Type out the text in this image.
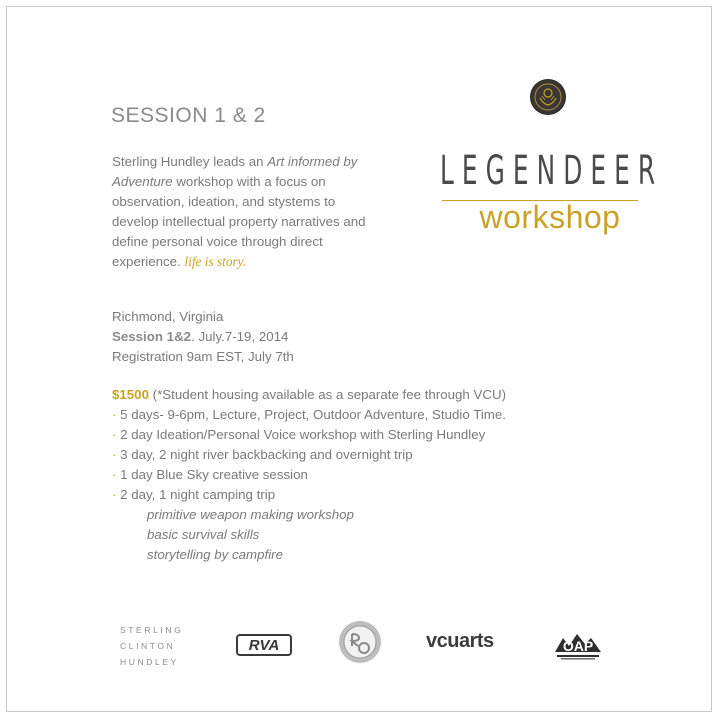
SESSION 1 & 2
Sterling Hundley leads an Art informed by Adventure workshop with a focus on observation, ideation, and stystems to develop intellectual property narratives and define personal voice through direct experience. life is story.
LEGENDEER
workshop
Richmond, Virginia
Session 1&2. July.7-19, 2014
Registration 9am EST, July 7th
$1500 (*Student housing available as a separate fee through VCU)
· 5 days- 9-6pm, Lecture, Project, Outdoor Adventure, Studio Time.
· 2 day Ideation/Personal Voice workshop with Sterling Hundley
· 3 day, 2 night river backbacking and overnight trip
· 1 day Blue Sky creative session
· 2 day, 1 night camping trip
primitive weapon making workshop
basic survival skills
storytelling by campfire
STERLING
CLINTON
HUNDLEY
RVA	vcuarts	OAP
